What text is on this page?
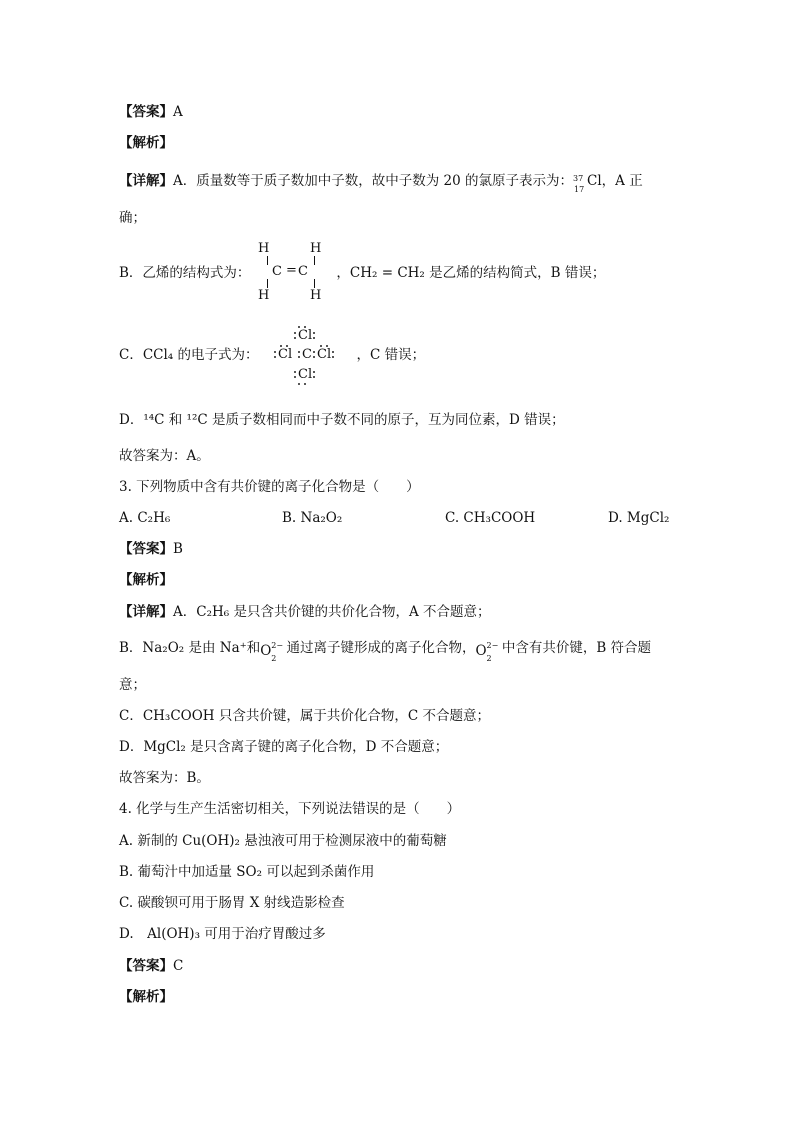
【答案】A
【解析】
【详解】A．质量数等于质子数加中子数，故中子数为 20 的氯原子表示为： 37
17 Cl，A 正
确；
B．乙烯的结构式为：	，CH₂ = CH₂ 是乙烯的结构简式，B 错误；
H	H
C = C
H	H
C．CCl₄ 的电子式为：	，C 错误；
Cl
Cl C Cl
Cl
D．¹⁴C 和 ¹²C 是质子数相同而中子数不同的原子，互为同位素，D 错误；
故答案为：A。
3. 下列物质中含有共价键的离子化合物是（　　）
A. C₂H₆	B. Na₂O₂	C. CH₃COOH	D. MgCl₂
【答案】B
【解析】
【详解】A．C₂H₆ 是只含共价键的共价化合物，A 不合题意；
B．Na₂O₂ 是由 Na⁺和 O 2−
2
通过离子键形成的离子化合物， O 2−
2
中含有共价键，B 符合题
意；
C．CH₃COOH 只含共价键，属于共价化合物，C 不合题意；
D．MgCl₂ 是只含离子键的离子化合物，D 不合题意；
故答案为：B。
4. 化学与生产生活密切相关，下列说法错误的是（　　）
A. 新制的 Cu(OH)₂ 悬浊液可用于检测尿液中的葡萄糖
B. 葡萄汁中加适量 SO₂ 可以起到杀菌作用
C. 碳酸钡可用于肠胃 X 射线造影检查
D.　Al(OH)₃ 可用于治疗胃酸过多
【答案】C
【解析】
